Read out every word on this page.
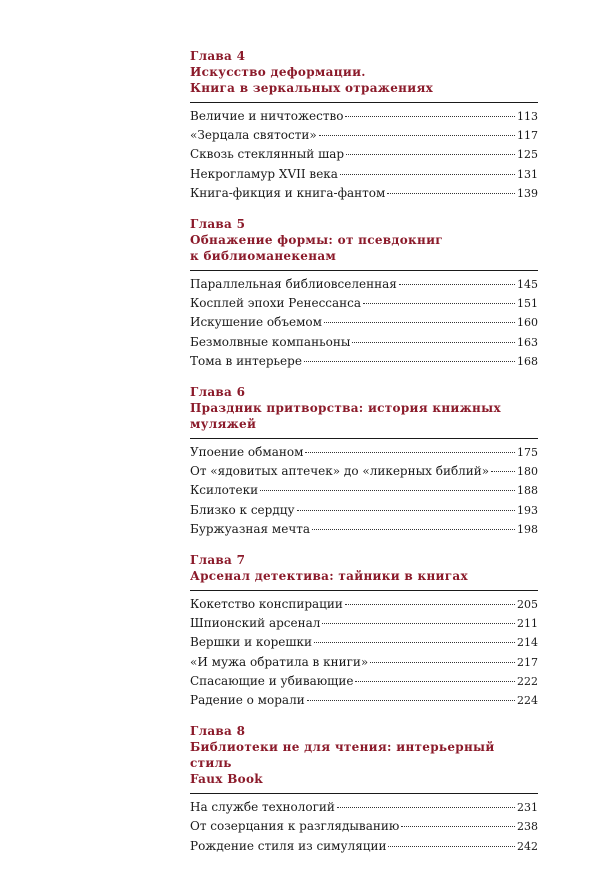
Глава 4
Искусство деформации.
Книга в зеркальных отражениях
Величие и ничтожество	113
«Зерцала святости»	117
Сквозь стеклянный шар	125
Некрогламур XVII века	131
Книга-фикция и книга-фантом	139
Глава 5
Обнажение формы: от псевдокниг
к библиоманекенам
Параллельная библиовселенная	145
Косплей эпохи Ренессанса	151
Искушение объемом	160
Безмолвные компаньоны	163
Тома в интерьере	168
Глава 6
Праздник притворства: история книжных муляжей
Упоение обманом	175
От «ядовитых аптечек» до «ликерных библий»	180
Ксилотеки	188
Близко к сердцу	193
Буржуазная мечта	198
Глава 7
Арсенал детектива: тайники в книгах
Кокетство конспирации	205
Шпионский арсенал	211
Вершки и корешки	214
«И мужа обратила в книги»	217
Спасающие и убивающие	222
Радение о морали	224
Глава 8
Библиотеки не для чтения: интерьерный стиль
Faux Book
На службе технологий	231
От созерцания к разглядыванию	238
Рождение стиля из симуляции	242
